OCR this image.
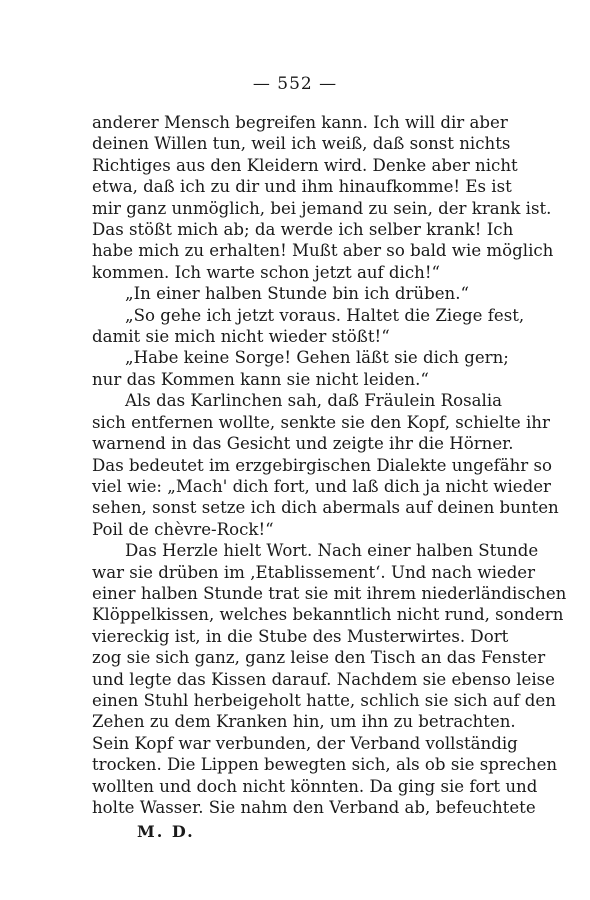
— 552 —
anderer Mensch begreifen kann. Ich will dir aber
deinen Willen tun, weil ich weiß, daß sonst nichts
Richtiges aus den Kleidern wird. Denke aber nicht
etwa, daß ich zu dir und ihm hinaufkomme! Es ist
mir ganz unmöglich, bei jemand zu sein, der krank ist.
Das stößt mich ab; da werde ich selber krank! Ich
habe mich zu erhalten! Mußt aber so bald wie möglich
kommen. Ich warte schon jetzt auf dich!“
„In einer halben Stunde bin ich drüben.“
„So gehe ich jetzt voraus. Haltet die Ziege fest,
damit sie mich nicht wieder stößt!“
„Habe keine Sorge! Gehen läßt sie dich gern;
nur das Kommen kann sie nicht leiden.“
Als das Karlinchen sah, daß Fräulein Rosalia
sich entfernen wollte, senkte sie den Kopf, schielte ihr
warnend in das Gesicht und zeigte ihr die Hörner.
Das bedeutet im erzgebirgischen Dialekte ungefähr so
viel wie: „Mach' dich fort, und laß dich ja nicht wieder
sehen, sonst setze ich dich abermals auf deinen bunten
Poil de chèvre-Rock!“
Das Herzle hielt Wort. Nach einer halben Stunde
war sie drüben im ‚Etablissement‘. Und nach wieder
einer halben Stunde trat sie mit ihrem niederländischen
Klöppelkissen, welches bekanntlich nicht rund, sondern
viereckig ist, in die Stube des Musterwirtes. Dort
zog sie sich ganz, ganz leise den Tisch an das Fenster
und legte das Kissen darauf. Nachdem sie ebenso leise
einen Stuhl herbeigeholt hatte, schlich sie sich auf den
Zehen zu dem Kranken hin, um ihn zu betrachten.
Sein Kopf war verbunden, der Verband vollständig
trocken. Die Lippen bewegten sich, als ob sie sprechen
wollten und doch nicht könnten. Da ging sie fort und
holte Wasser. Sie nahm den Verband ab, befeuchtete
M. D.
